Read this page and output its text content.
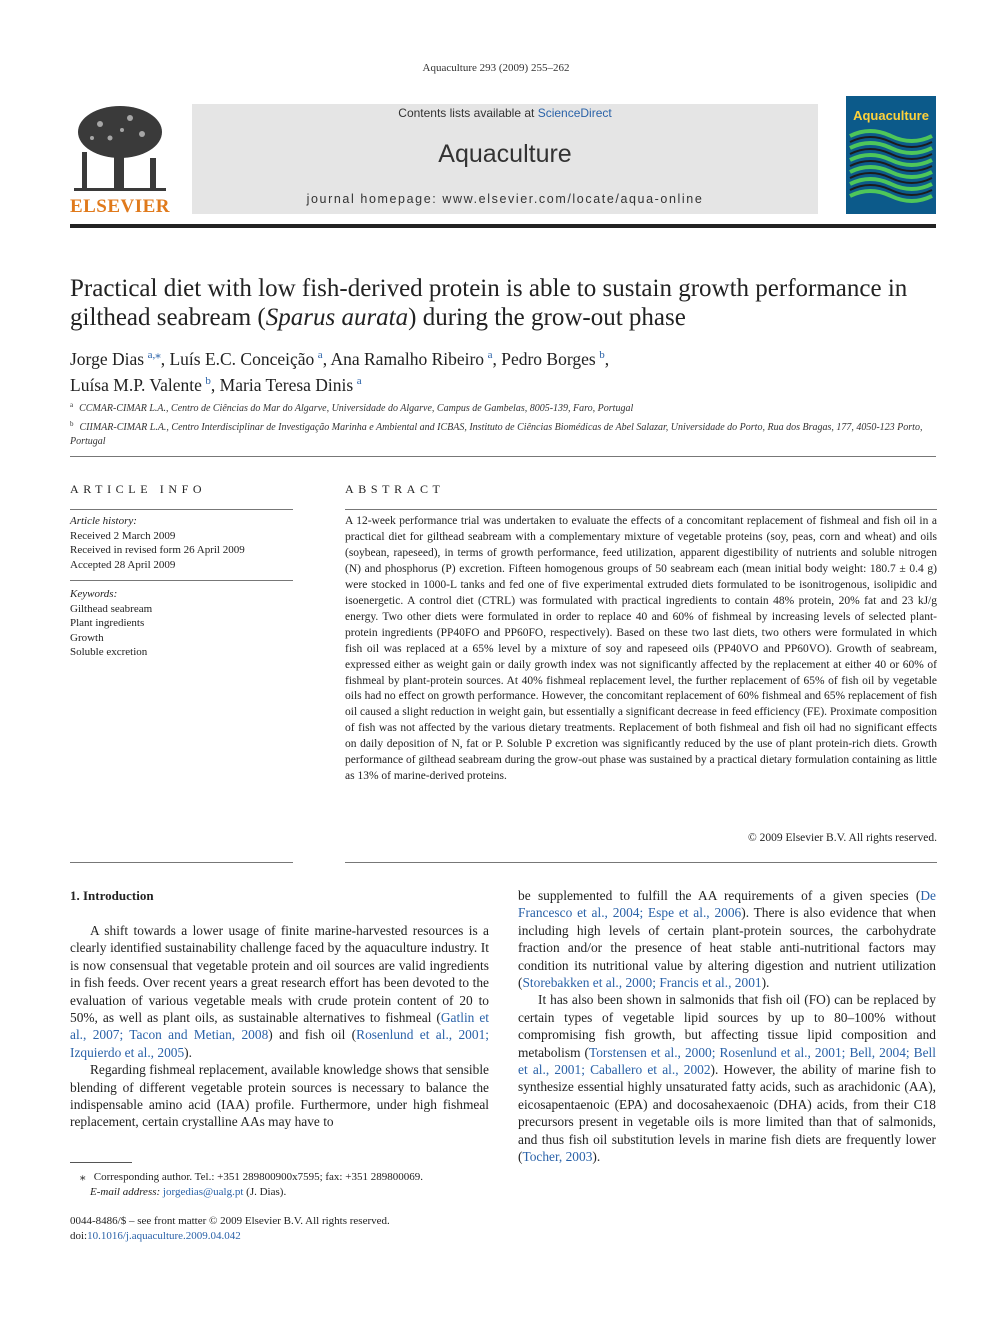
Aquaculture 293 (2009) 255–262
ELSEVIER
Contents lists available at ScienceDirect
Aquaculture
journal homepage: www.elsevier.com/locate/aqua-online
Aquaculture
Practical diet with low fish-derived protein is able to sustain growth performance in gilthead seabream (Sparus aurata) during the grow-out phase
Jorge Dias  $^{a,⁎}$, Luís E.C. Conceição  $^a$, Ana Ramalho Ribeiro  $^a$, Pedro Borges  $^b$,
Luísa M.P. Valente  $^b$, Maria Teresa Dinis  $^a$
$^a$ CCMAR-CIMAR L.A., Centro de Ciências do Mar do Algarve, Universidade do Algarve, Campus de Gambelas, 8005-139, Faro, Portugal
$^b$ CIIMAR-CIMAR L.A., Centro Interdisciplinar de Investigação Marinha e Ambiental and ICBAS, Instituto de Ciências Biomédicas de Abel Salazar, Universidade do Porto, Rua dos Bragas, 177, 4050-123 Porto, Portugal
ARTICLE INFO	ABSTRACT
Article history:
Received 2 March 2009
Received in revised form 26 April 2009
Accepted 28 April 2009
Keywords:
Gilthead seabream
Plant ingredients
Growth
Soluble excretion
A 12-week performance trial was undertaken to evaluate the effects of a concomitant replacement of fishmeal and fish oil in a practical diet for gilthead seabream with a complementary mixture of vegetable proteins (soy, peas, corn and wheat) and oils (soybean, rapeseed), in terms of growth performance, feed utilization, apparent digestibility of nutrients and soluble nitrogen (N) and phosphorus (P) excretion. Fifteen homogenous groups of 50 seabream each (mean initial body weight: 180.7 ± 0.4 g) were stocked in 1000-L tanks and fed one of five experimental extruded diets formulated to be isonitrogenous, isolipidic and isoenergetic. A control diet (CTRL) was formulated with practical ingredients to contain 48% protein, 20% fat and 23 kJ/g energy. Two other diets were formulated in order to replace 40 and 60% of fishmeal by increasing levels of selected plant-protein ingredients (PP40FO and PP60FO, respectively). Based on these two last diets, two others were formulated in which fish oil was replaced at a 65% level by a mixture of soy and rapeseed oils (PP40VO and PP60VO). Growth of seabream, expressed either as weight gain or daily growth index was not significantly affected by the replacement at either 40 or 60% of fishmeal by plant-protein sources. At 40% fishmeal replacement level, the further replacement of 65% of fish oil by vegetable oils had no effect on growth performance. However, the concomitant replacement of 60% fishmeal and 65% replacement of fish oil caused a slight reduction in weight gain, but essentially a significant decrease in feed efficiency (FE). Proximate composition of fish was not affected by the various dietary treatments. Replacement of both fishmeal and fish oil had no significant effects on daily deposition of N, fat or P. Soluble P excretion was significantly reduced by the use of plant protein-rich diets. Growth performance of gilthead seabream during the grow-out phase was sustained by a practical dietary formulation containing as little as 13% of marine-derived proteins.
© 2009 Elsevier B.V. All rights reserved.
1. Introduction

A shift towards a lower usage of finite marine-harvested resources is a clearly identified sustainability challenge faced by the aquaculture industry. It is now consensual that vegetable protein and oil sources are valid ingredients in fish feeds. Over recent years a great research effort has been devoted to the evaluation of various vegetable meals with crude protein content of 20 to 50%, as well as plant oils, as sustainable alternatives to fishmeal (Gatlin et al., 2007; Tacon and Metian, 2008) and fish oil (Rosenlund et al., 2001; Izquierdo et al., 2005).

Regarding fishmeal replacement, available knowledge shows that sensible blending of different vegetable protein sources is necessary to balance the indispensable amino acid (IAA) profile. Furthermore, under high fishmeal replacement, certain crystalline AAs may have to

be supplemented to fulfill the AA requirements of a given species (De Francesco et al., 2004; Espe et al., 2006). There is also evidence that when including high levels of certain plant-protein sources, the carbohydrate fraction and/or the presence of heat stable anti-nutritional factors may condition its nutritional value by altering digestion and nutrient utilization (Storebakken et al., 2000; Francis et al., 2001).

It has also been shown in salmonids that fish oil (FO) can be replaced by certain types of vegetable lipid sources by up to 80–100% without compromising fish growth, but affecting tissue lipid composition and metabolism (Torstensen et al., 2000; Rosenlund et al., 2001; Bell, 2004; Bell et al., 2001; Caballero et al., 2002). However, the ability of marine fish to synthesize essential highly unsaturated fatty acids, such as arachidonic (AA), eicosapentaenoic (EPA) and docosahexaenoic (DHA) acids, from their C18 precursors present in vegetable oils is more limited than that of salmonids, and thus fish oil substitution levels in marine fish diets are frequently lower (Tocher, 2003).

⁎ Corresponding author. Tel.: +351 289800900x7595; fax: +351 289800069.
E-mail address: jorgedias@ualg.pt (J. Dias).
0044-8486/$ – see front matter © 2009 Elsevier B.V. All rights reserved.
doi:10.1016/j.aquaculture.2009.04.042
